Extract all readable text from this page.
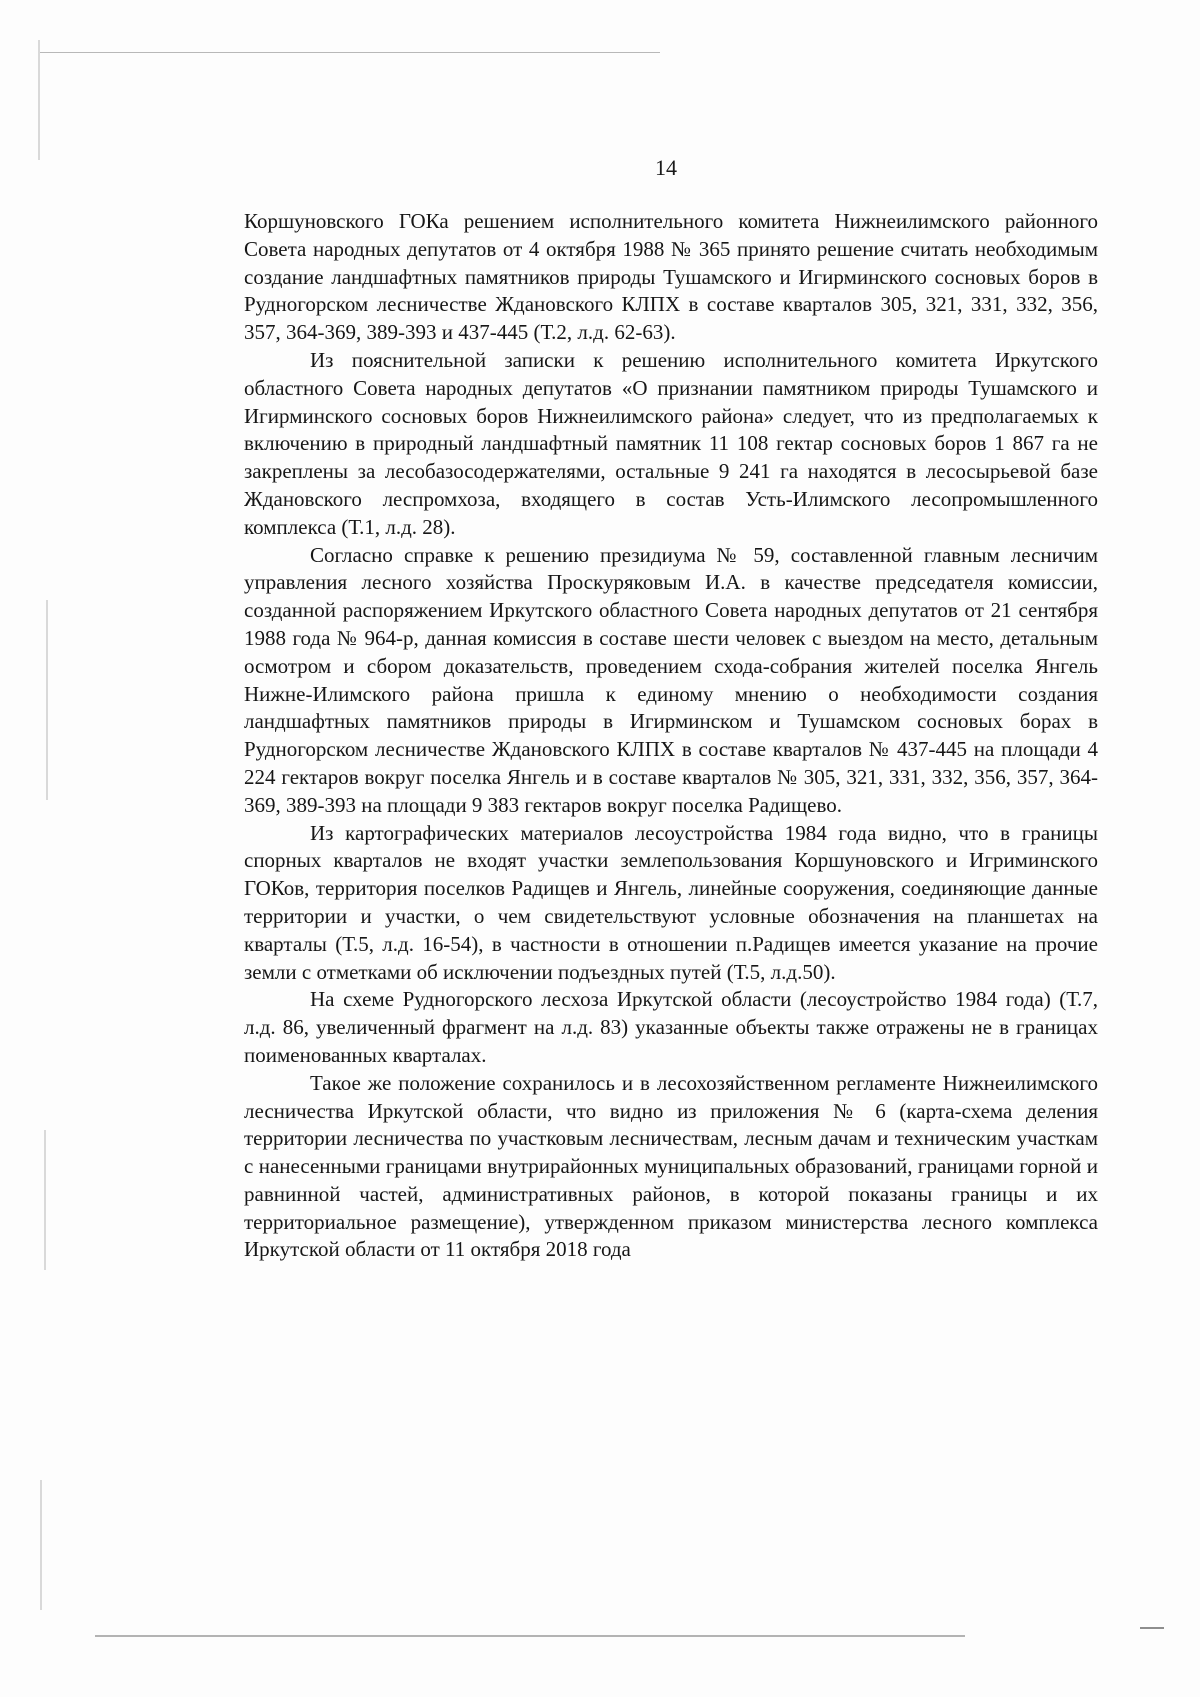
14

Коршуновского ГОКа решением исполнительного комитета Нижнеилимского районного Совета народных депутатов от 4 октября 1988 № 365 принято решение считать необходимым создание ландшафтных памятников природы Тушамского и Игирминского сосновых боров в Рудногорском лесничестве Ждановского КЛПХ в составе кварталов 305, 321, 331, 332, 356, 357, 364-369, 389-393 и 437-445 (Т.2, л.д. 62-63).

Из пояснительной записки к решению исполнительного комитета Иркутского областного Совета народных депутатов «О признании памятником природы Тушамского и Игирминского сосновых боров Нижнеилимского района» следует, что из предполагаемых к включению в природный ландшафтный памятник 11 108 гектар сосновых боров 1 867 га не закреплены за лесобазосодержателями, остальные 9 241 га находятся в лесосырьевой базе Ждановского леспромхоза, входящего в состав Усть-Илимского лесопромышленного комплекса (Т.1, л.д. 28).

Согласно справке к решению президиума № 59, составленной главным лесничим управления лесного хозяйства Проскуряковым И.А. в качестве председателя комиссии, созданной распоряжением Иркутского областного Совета народных депутатов от 21 сентября 1988 года № 964-р, данная комиссия в составе шести человек с выездом на место, детальным осмотром и сбором доказательств, проведением схода-собрания жителей поселка Янгель Нижне-Илимского района пришла к единому мнению о необходимости создания ландшафтных памятников природы в Игирминском и Тушамском сосновых борах в Рудногорском лесничестве Ждановского КЛПХ в составе кварталов № 437-445 на площади 4 224 гектаров вокруг поселка Янгель и в составе кварталов № 305, 321, 331, 332, 356, 357, 364-369, 389-393 на площади 9 383 гектаров вокруг поселка Радищево.

Из картографических материалов лесоустройства 1984 года видно, что в границы спорных кварталов не входят участки землепользования Коршуновского и Игриминского ГОКов, территория поселков Радищев и Янгель, линейные сооружения, соединяющие данные территории и участки, о чем свидетельствуют условные обозначения на планшетах на кварталы (Т.5, л.д. 16-54), в частности в отношении п.Радищев имеется указание на прочие земли с отметками об исключении подъездных путей (Т.5, л.д.50).

На схеме Рудногорского лесхоза Иркутской области (лесоустройство 1984 года) (Т.7, л.д. 86, увеличенный фрагмент на л.д. 83) указанные объекты также отражены не в границах поименованных кварталах.

Такое же положение сохранилось и в лесохозяйственном регламенте Нижнеилимского лесничества Иркутской области, что видно из приложения № 6 (карта-схема деления территории лесничества по участковым лесничествам, лесным дачам и техническим участкам с нанесенными границами внутрирайонных муниципальных образований, границами горной и равнинной частей, административных районов, в которой показаны границы и их территориальное размещение), утвержденном приказом министерства лесного комплекса Иркутской области от 11 октября 2018 года
